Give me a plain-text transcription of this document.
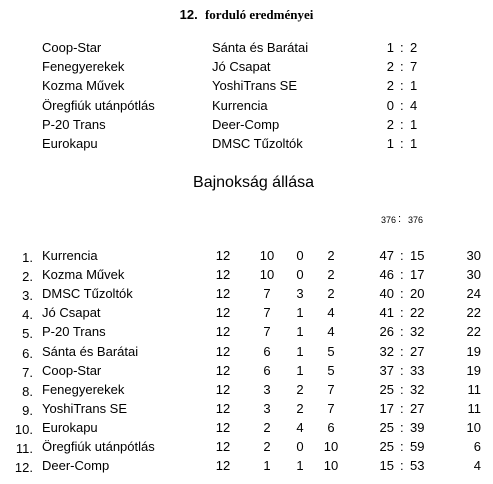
12. forduló eredményei
Coop-Star	Sánta és Barátai	1 : 2
Fenegyerekek	Jó Csapat	2 : 7
Kozma Művek	YoshiTrans SE	2 : 1
Öregfiúk utánpótlás	Kurrencia	0 : 4
P-20 Trans	Deer-Comp	2 : 1
Eurokapu	DMSC Tűzoltók	1 : 1
Bajnokság állása
376 : 376
1. Kurrencia	12	10	0	2	47 : 15	30
2. Kozma Művek	12	10	0	2	46 : 17	30
3. DMSC Tűzoltók	12	7	3	2	40 : 20	24
4. Jó Csapat	12	7	1	4	41 : 22	22
5. P-20 Trans	12	7	1	4	26 : 32	22
6. Sánta és Barátai	12	6	1	5	32 : 27	19
7. Coop-Star	12	6	1	5	37 : 33	19
8. Fenegyerekek	12	3	2	7	25 : 32	11
9. YoshiTrans SE	12	3	2	7	17 : 27	11
10. Eurokapu	12	2	4	6	25 : 39	10
11. Öregfiúk utánpótlás	12	2	0	10	25 : 59	6
12. Deer-Comp	12	1	1	10	15 : 53	4
